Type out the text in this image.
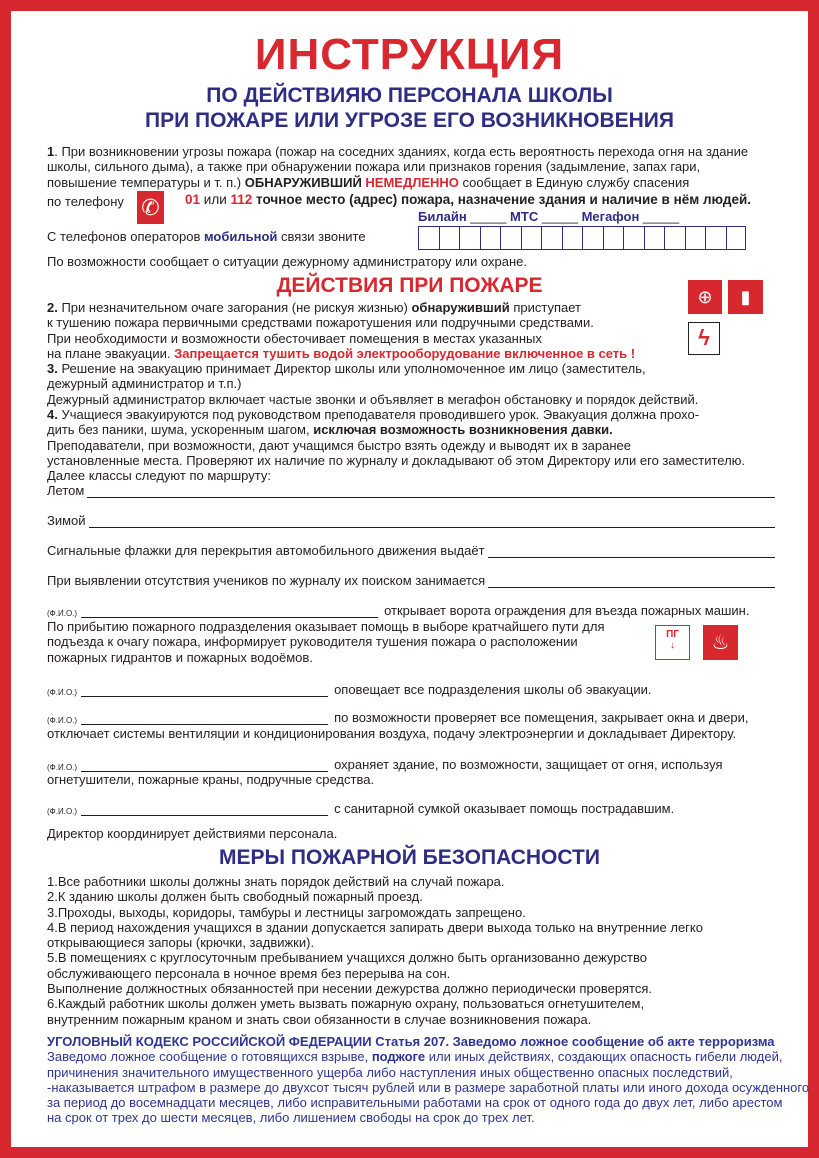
ИНСТРУКЦИЯ
ПО ДЕЙСТВИЯЮ ПЕРСОНАЛА ШКОЛЫ
ПРИ ПОЖАРЕ ИЛИ УГРОЗЕ ЕГО ВОЗНИКНОВЕНИЯ
1. При возникновении угрозы пожара (пожар на соседних зданиях, когда есть вероятность перехода огня на здание
школы, сильного дыма), а также при обнаружении пожара или признаков горения (задымление, запах гари,
повышение температуры и т. п.) ОБНАРУЖИВШИЙ НЕМЕДЛЕННО сообщает в Единую службу спасения
по телефону ✆	01 или 112 точное место (адрес) пожара, назначение здания и наличие в нём людей.
Билайн _____ МТС _____ Мегафон _____
С телефонов операторов мобильной связи звоните
По возможности сообщает о ситуации дежурному администратору или охране.
ДЕЙСТВИЯ ПРИ ПОЖАРЕ	⊕	▮
ϟ
2. При незначительном очаге загорания (не рискуя жизнью) обнаруживший приступает
к тушению пожара первичными средствами пожаротушения или подручными средствами.
При необходимости и возможности обесточивает помещения в местах указанных
на плане эвакуации. Запрещается тушить водой электрооборудование включенное в сеть !
3. Решение на эвакуацию принимает Директор школы или уполномоченное им лицо (заместитель,
дежурный администратор и т.п.)
Дежурный администратор включает частые звонки и объявляет в мегафон обстановку и порядок действий.
4. Учащиеся эвакуируются под руководством преподавателя проводившего урок. Эвакуация должна прохо-
дить без паники, шума, ускоренным шагом, исключая возможность возникновения давки.
Преподаватели, при возможности, дают учащимся быстро взять одежду и выводят их в заранее
установленные места. Проверяют их наличие по журналу и докладывают об этом Директору или его заместителю.
Далее классы следуют по маршруту:
Летом
Зимой
Сигнальные флажки для перекрытия автомобильного движения выдаёт
При выявлении отсутствия учеников по журналу их поиском занимается
(Ф.И.О.)	открывает ворота ограждения для въезда пожарных машин.
По прибытию пожарного подразделения оказывает помощь в выборе кратчайшего пути для
подъезда к очагу пожара, информирует руководителя тушения пожара о расположении
пожарных гидрантов и пожарных водоёмов.
ПГ
↓	♨
(Ф.И.О.)	оповещает все подразделения школы об эвакуации.
(Ф.И.О.)	по возможности проверяет все помещения, закрывает окна и двери,
отключает системы вентиляции и кондиционирования воздуха, подачу электроэнергии и докладывает Директору.
(Ф.И.О.)	охраняет здание, по возможности, защищает от огня, используя
огнетушители, пожарные краны, подручные средства.
(Ф.И.О.)	с санитарной сумкой оказывает помощь пострадавшим.
Директор координирует действиями персонала.
МЕРЫ ПОЖАРНОЙ БЕЗОПАСНОСТИ
1.Все работники школы должны знать порядок действий на случай пожара.
2.К зданию школы должен быть свободный пожарный проезд.
3.Проходы, выходы, коридоры, тамбуры и лестницы загромождать запрещено.
4.В период нахождения учащихся в здании допускается запирать двери выхода только на внутренние легко
открывающиеся запоры (крючки, задвижки).
5.В помещениях с круглосуточным пребыванием учащихся должно быть организованно дежурство
обслуживающего персонала в ночное время без перерыва на сон.
Выполнение должностных обязанностей при несении дежурства должно периодически проверятся.
6.Каждый работник школы должен уметь вызвать пожарную охрану, пользоваться огнетушителем,
внутренним пожарным краном и знать свои обязанности в случае возникновения пожара.
УГОЛОВНЫЙ КОДЕКС РОССИЙСКОЙ ФЕДЕРАЦИИ Статья 207. Заведомо ложное сообщение об акте терроризма
Заведомо ложное сообщение о готовящихся взрыве, поджоге или иных действиях, создающих опасность гибели людей,
причинения значительного имущественного ущерба либо наступления иных общественно опасных последствий,
-наказывается штрафом в размере до двухсот тысяч рублей или в размере заработной платы или иного дохода осужденного
за период до восемнадцати месяцев, либо исправительными работами на срок от одного года до двух лет, либо арестом
на срок от трех до шести месяцев, либо лишением свободы на срок до трех лет.
